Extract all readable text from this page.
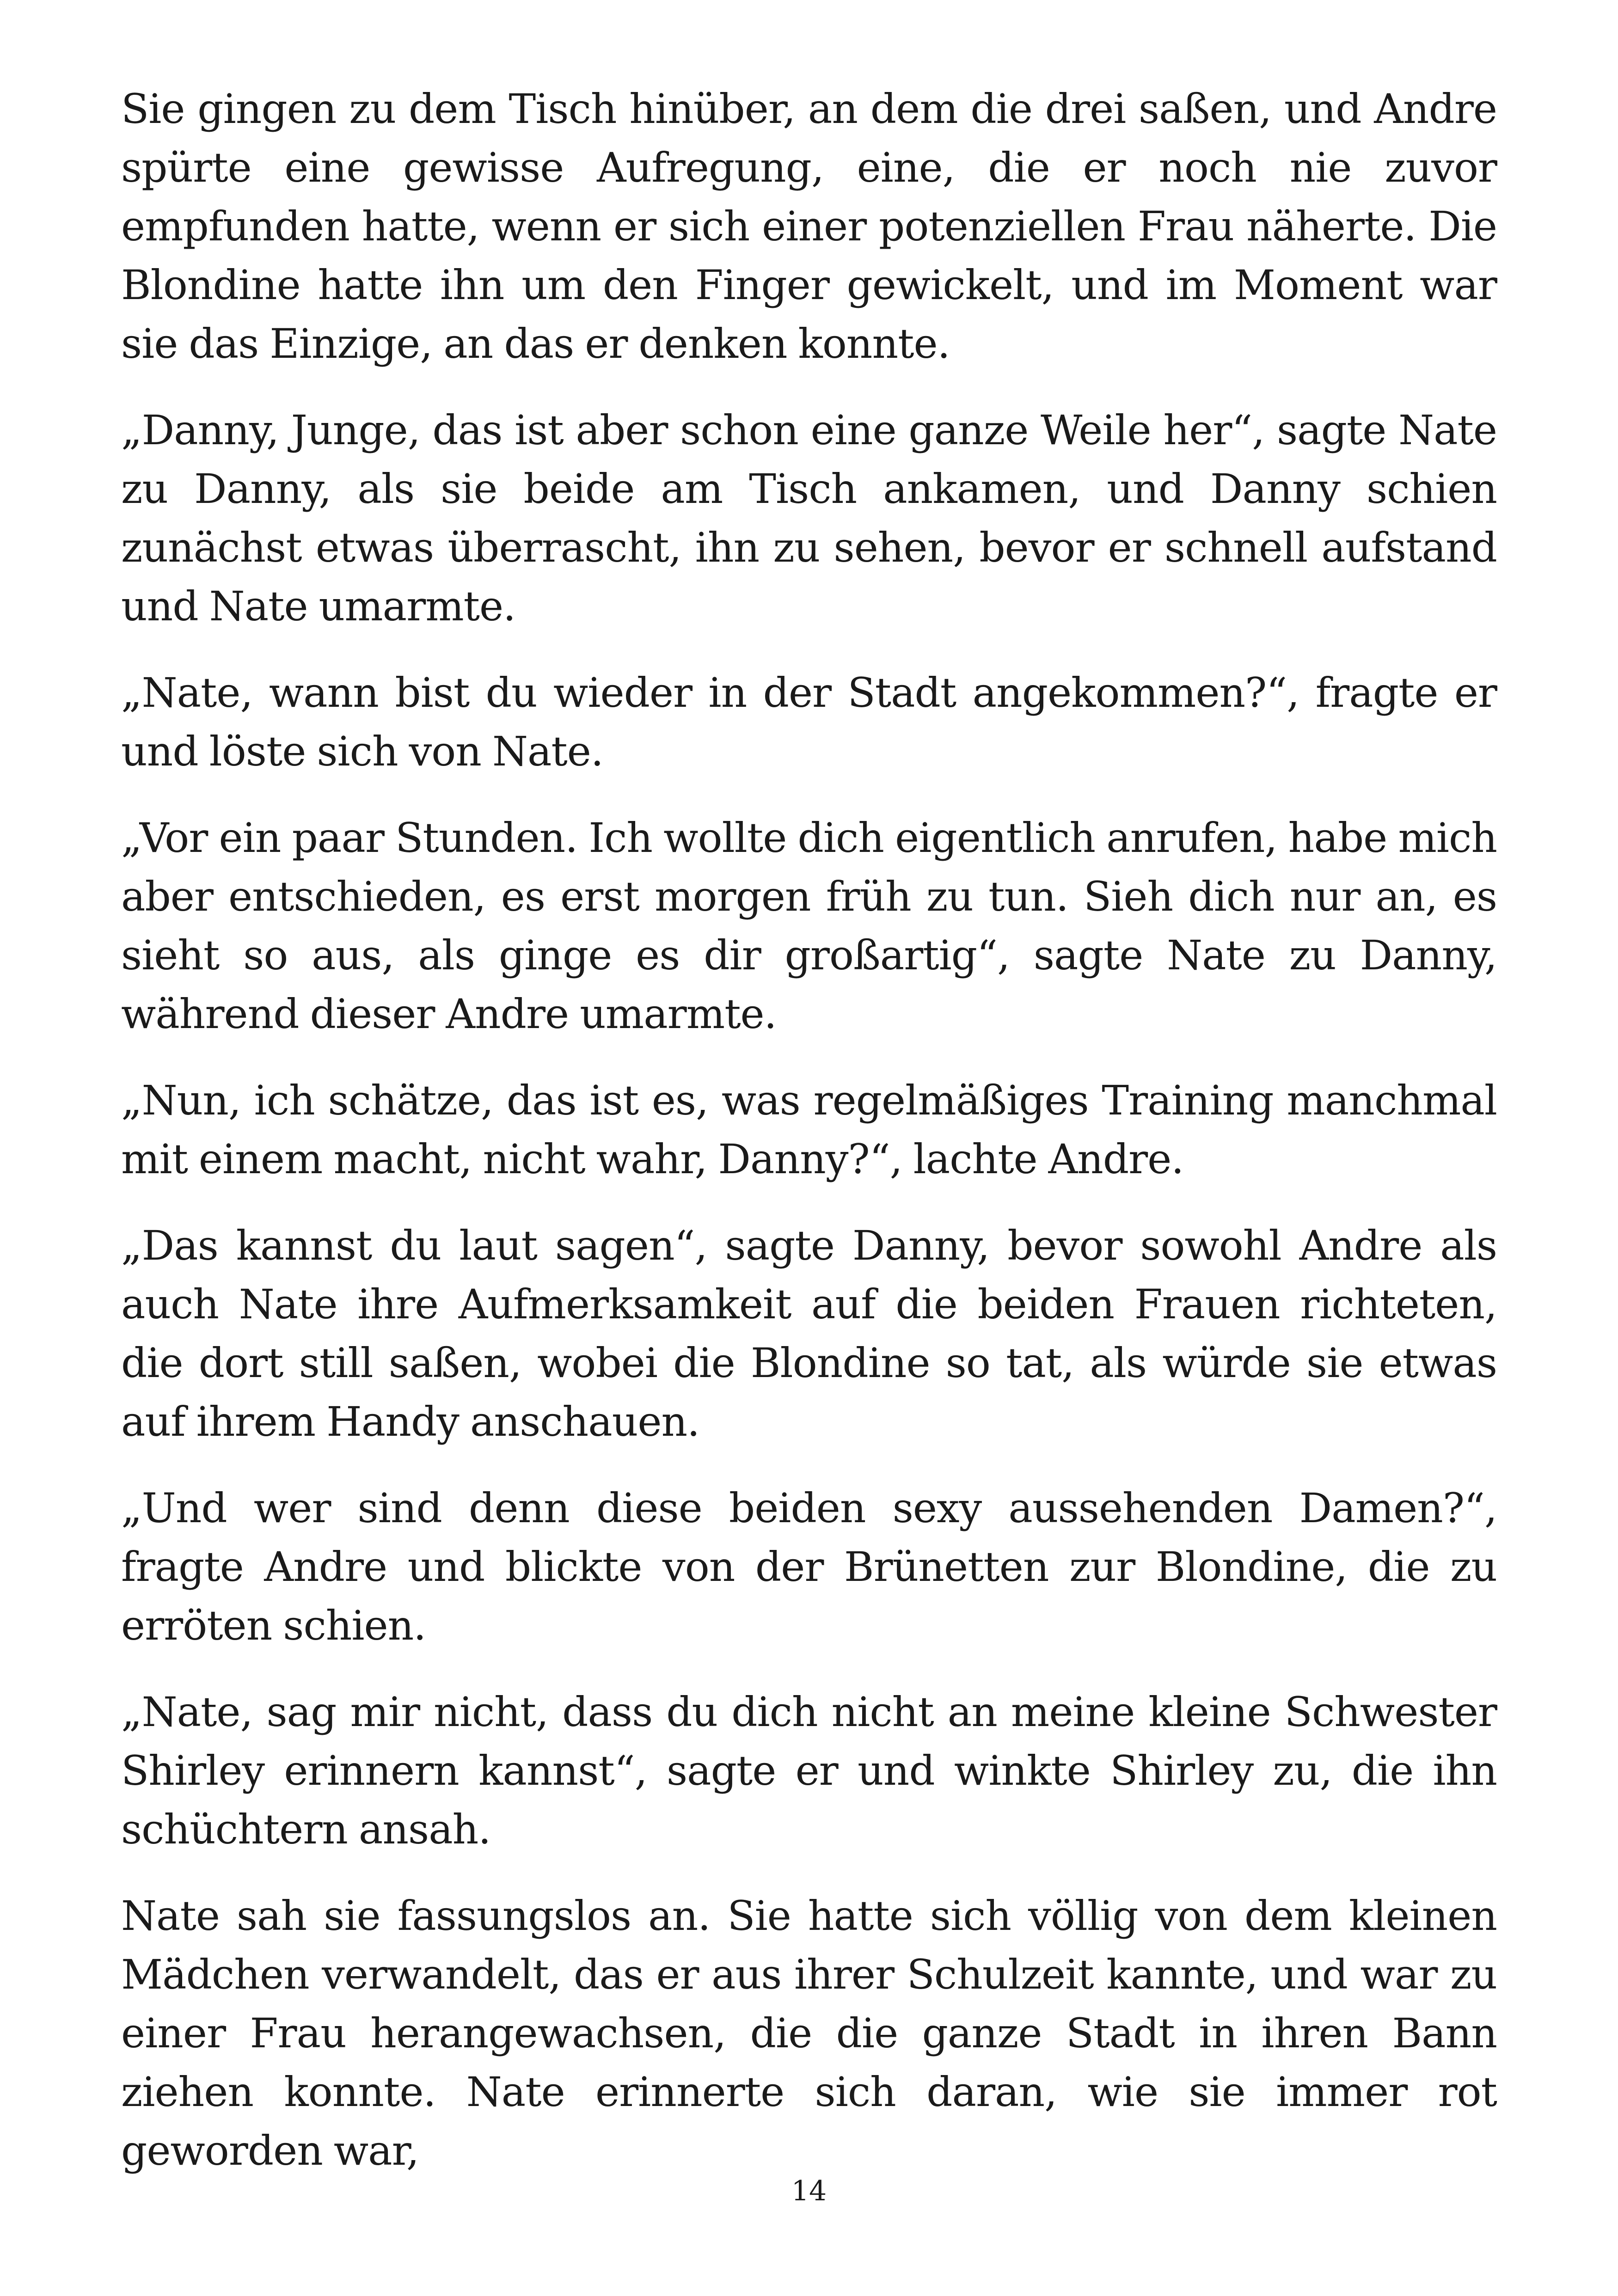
Sie gingen zu dem Tisch hinüber, an dem die drei saßen, und Andre spürte eine gewisse Aufregung, eine, die er noch nie zuvor empfunden hatte, wenn er sich einer potenziellen Frau näherte. Die Blondine hatte ihn um den Finger gewickelt, und im Moment war sie das Einzige, an das er denken konnte.

„Danny, Junge, das ist aber schon eine ganze Weile her“, sagte Nate zu Danny, als sie beide am Tisch ankamen, und Danny schien zunächst etwas überrascht, ihn zu sehen, bevor er schnell aufstand und Nate umarmte.

„Nate, wann bist du wieder in der Stadt angekommen?“, fragte er und löste sich von Nate.

„Vor ein paar Stunden. Ich wollte dich eigentlich anrufen, habe mich aber entschieden, es erst morgen früh zu tun. Sieh dich nur an, es sieht so aus, als ginge es dir großartig“, sagte Nate zu Danny, während dieser Andre umarmte.

„Nun, ich schätze, das ist es, was regelmäßiges Training manchmal mit einem macht, nicht wahr, Danny?“, lachte Andre.

„Das kannst du laut sagen“, sagte Danny, bevor sowohl Andre als auch Nate ihre Aufmerksamkeit auf die beiden Frauen richteten, die dort still saßen, wobei die Blondine so tat, als würde sie etwas auf ihrem Handy anschauen.

„Und wer sind denn diese beiden sexy aussehenden Damen?“, fragte Andre und blickte von der Brünetten zur Blondine, die zu erröten schien.

„Nate, sag mir nicht, dass du dich nicht an meine kleine Schwester Shirley erinnern kannst“, sagte er und winkte Shirley zu, die ihn schüchtern ansah.

Nate sah sie fassungslos an. Sie hatte sich völlig von dem kleinen Mädchen verwandelt, das er aus ihrer Schulzeit kannte, und war zu einer Frau herangewachsen, die die ganze Stadt in ihren Bann ziehen konnte. Nate erinnerte sich daran, wie sie immer rot geworden war,

14
